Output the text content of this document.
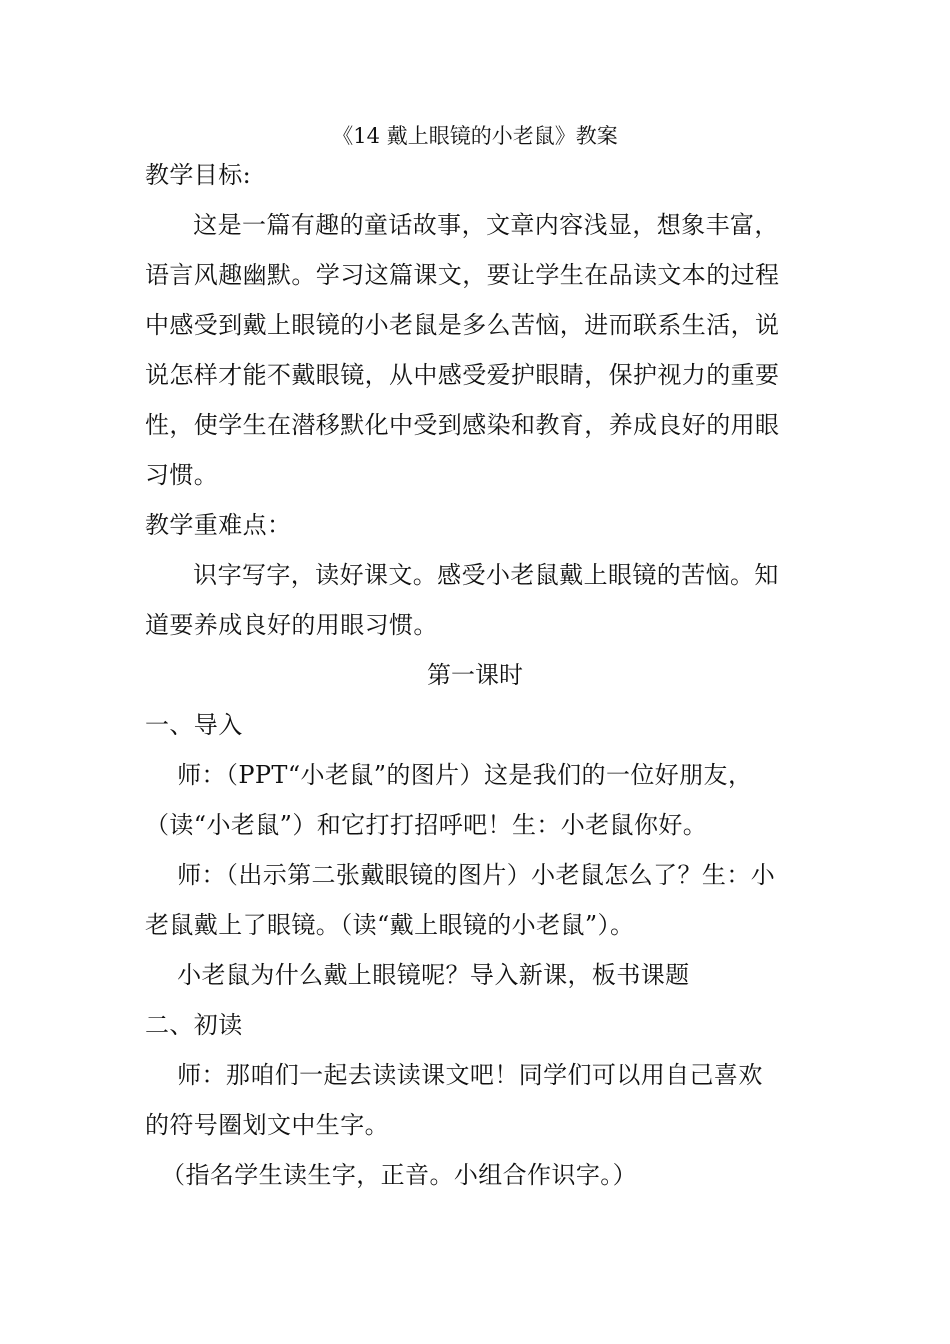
《14 戴上眼镜的小老鼠》教案
教学目标:
这是一篇有趣的童话故事，文章内容浅显，想象丰富，
语言风趣幽默。学习这篇课文，要让学生在品读文本的过程
中感受到戴上眼镜的小老鼠是多么苦恼，进而联系生活，说
说怎样才能不戴眼镜，从中感受爱护眼睛，保护视力的重要
性，使学生在潜移默化中受到感染和教育，养成良好的用眼
习惯。
教学重难点：
识字写字，读好课文。感受小老鼠戴上眼镜的苦恼。知
道要养成良好的用眼习惯。
第一课时
一、导入
师：（PPT“小老鼠”的图片）这是我们的一位好朋友，
（读“小老鼠”）和它打打招呼吧！生：小老鼠你好。
师：（出示第二张戴眼镜的图片）小老鼠怎么了？生：小
老鼠戴上了眼镜。（读“戴上眼镜的小老鼠”）。
小老鼠为什么戴上眼镜呢？导入新课，板书课题
二、初读
师：那咱们一起去读读课文吧！同学们可以用自己喜欢
的符号圈划文中生字。
（指名学生读生字，正音。小组合作识字。）
